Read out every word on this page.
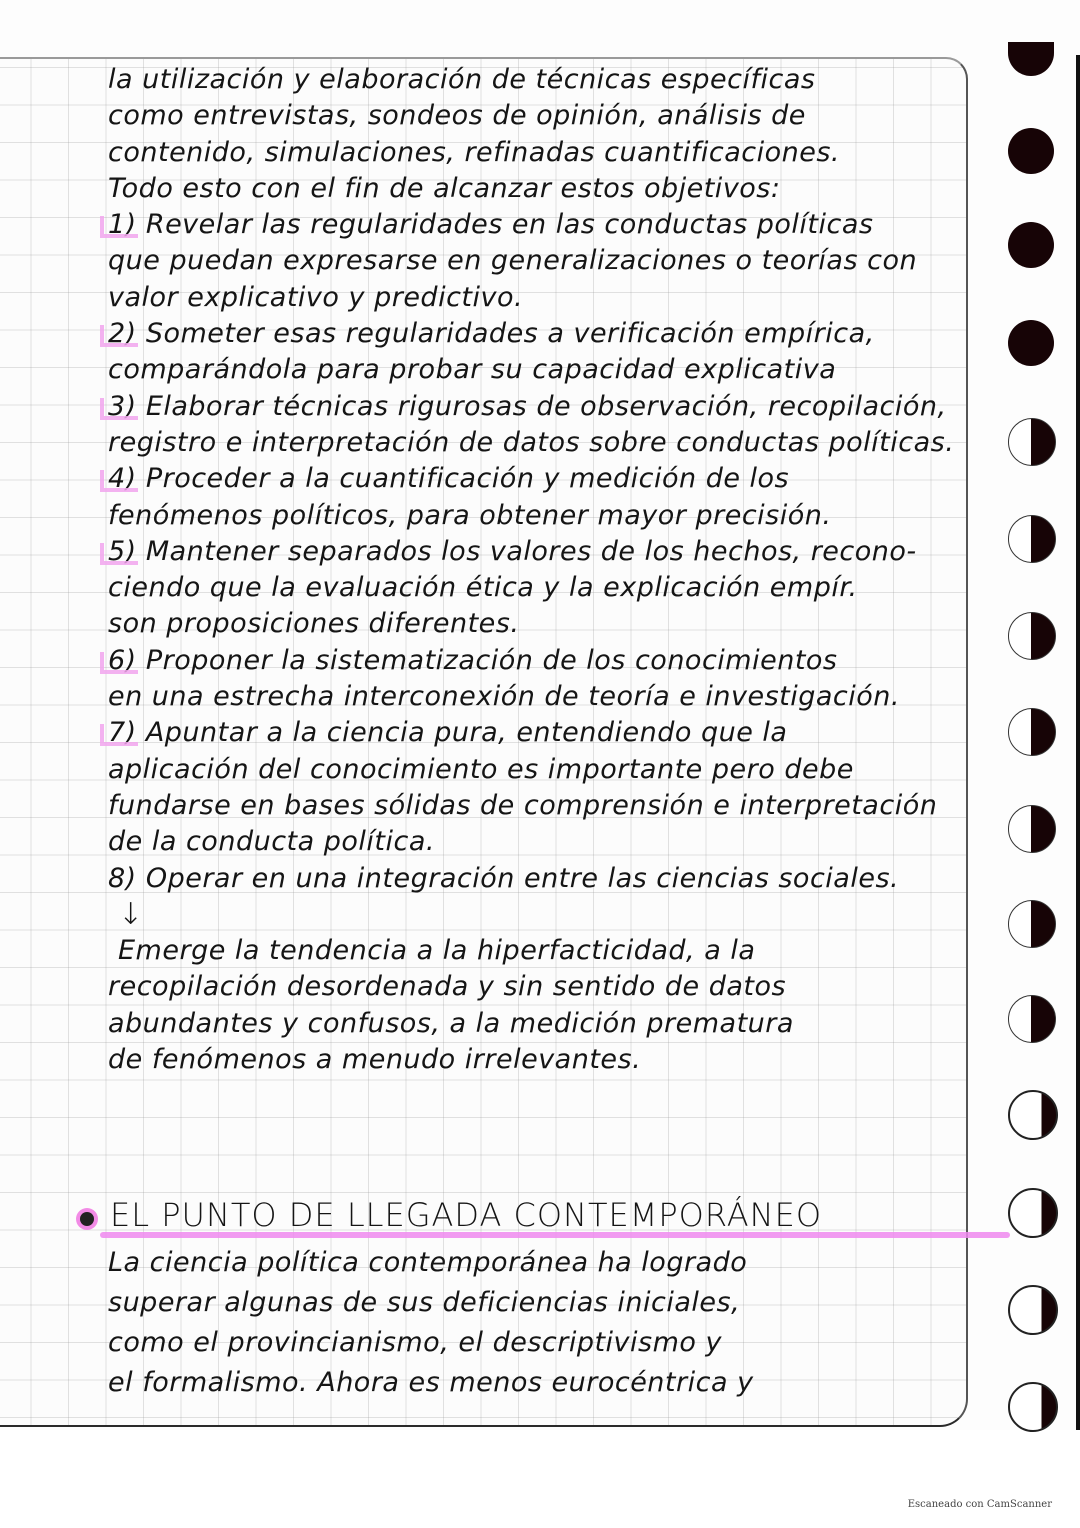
la utilización y elaboración de técnicas específicas
como entrevistas, sondeos de opinión, análisis de
contenido, simulaciones, refinadas cuantificaciones.
Todo esto con el fin de alcanzar estos objetivos:
1) Revelar las regularidades en las conductas políticas
que puedan expresarse en generalizaciones o teorías con
valor explicativo y predictivo.
2) Someter esas regularidades a verificación empírica,
comparándola para probar su capacidad explicativa
3) Elaborar técnicas rigurosas de observación, recopilación,
registro e interpretación de datos sobre conductas políticas.
4) Proceder a la cuantificación y medición de los
fenómenos políticos, para obtener mayor precisión.
5) Mantener separados los valores de los hechos, recono-
ciendo que la evaluación ética y la explicación empír.
son proposiciones diferentes.
6) Proponer la sistematización de los conocimientos
en una estrecha interconexión de teoría e investigación.
7) Apuntar a la ciencia pura, entendiendo que la
aplicación del conocimiento es importante pero debe
fundarse en bases sólidas de comprensión e interpretación
de la conducta política.
8) Operar en una integración entre las ciencias sociales.
↓
Emerge la tendencia a la hiperfacticidad, a la
recopilación desordenada y sin sentido de datos
abundantes y confusos, a la medición prematura
de fenómenos a menudo irrelevantes.
EL PUNTO DE LLEGADA CONTEMPORÁNEO
La ciencia política contemporánea ha logrado
superar algunas de sus deficiencias iniciales,
como el provincianismo, el descriptivismo y
el formalismo. Ahora es menos eurocéntrica y
Escaneado con CamScanner
